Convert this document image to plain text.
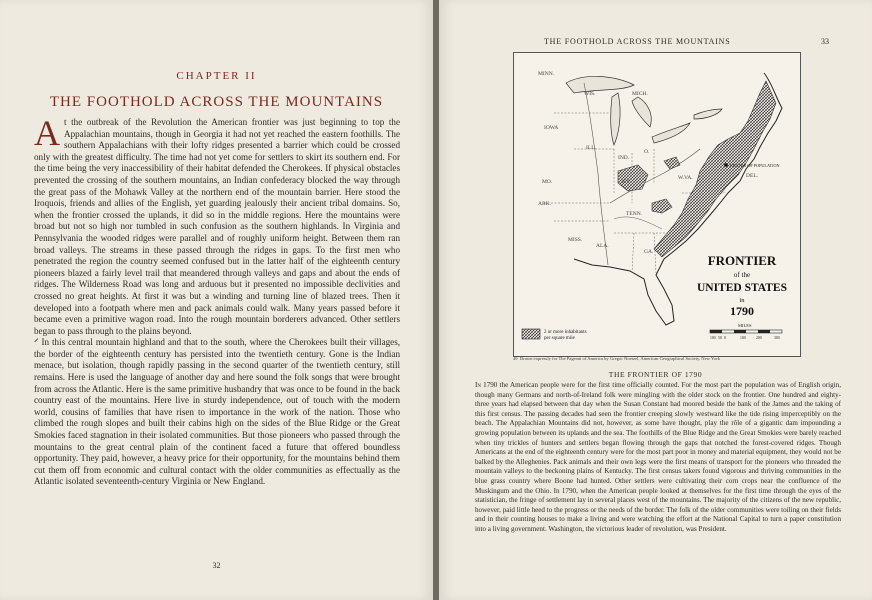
CHAPTER II
THE FOOTHOLD ACROSS THE MOUNTAINS

At the outbreak of the Revolution the American frontier was just beginning to top the Appalachian mountains, though in Georgia it had not yet reached the eastern foothills. The southern Appalachians with their lofty ridges presented a barrier which could be crossed only with the greatest difficulty. The time had not yet come for settlers to skirt its southern end. For the time being the very inaccessibility of their habitat defended the Cherokees. If physical obstacles prevented the crossing of the southern mountains, an Indian confederacy blocked the way through the great pass of the Mohawk Valley at the northern end of the mountain barrier. Here stood the Iroquois, friends and allies of the English, yet guarding jealously their ancient tribal domains. So, when the frontier crossed the uplands, it did so in the middle regions. Here the mountains were broad but not so high nor tumbled in such confusion as the southern highlands. In Virginia and Pennsylvania the wooded ridges were parallel and of roughly uniform height. Between them ran broad valleys. The streams in these passed through the ridges in gaps. To the first men who penetrated the region the country seemed confused but in the latter half of the eighteenth century pioneers blazed a fairly level trail that meandered through valleys and gaps and about the ends of ridges. The Wilderness Road was long and arduous but it presented no impossible declivities and crossed no great heights. At first it was but a winding and turning line of blazed trees. Then it developed into a footpath where men and pack animals could walk. Many years passed before it became even a primitive wagon road. Into the rough mountain borderers advanced. Other settlers began to pass through to the plains beyond.

⸍ In this central mountain highland and that to the south, where the Cherokees built their villages, the border of the eighteenth century has persisted into the twentieth century. Gone is the Indian menace, but isolation, though rapidly passing in the second quarter of the twentieth century, still remains. Here is used the language of another day and here sound the folk songs that were brought from across the Atlantic. Here is the same primitive husbandry that was once to be found in the back country east of the mountains. Here live in sturdy independence, out of touch with the modern world, cousins of families that have risen to importance in the work of the nation. Those who climbed the rough slopes and built their cabins high on the sides of the Blue Ridge or the Great Smokies faced stagnation in their isolated communities. But those pioneers who passed through the mountains to the great central plain of the continent faced a future that offered boundless opportunity. They paid, however, a heavy price for their opportunity, for the mountains behind them cut them off from economic and cultural contact with the older communities as effectually as the Atlantic isolated seventeenth-century Virginia or New England.

32
THE FOOTHOLD ACROSS THE MOUNTAINS	33
CENTER OF POPULATION
MINN.
WIS.	MICH.
IOWA
ILL.
IND.
O.
MO.	KY.
W.VA.	DEL.
ARK.
TENN.
MISS.
ALA.
GA.
FRONTIER
of the
UNITED STATES
in
1790
2 or more inhabitants
per square mile
MILES
100 50 0	100	200	300
49 Drawn expressly for The Pageant of America by Gregor Noetzel, American Geographical Society, New York
THE FRONTIER OF 1790

In 1790 the American people were for the first time officially counted. For the most part the population was of English origin, though many Germans and north-of-Ireland folk were mingling with the older stock on the frontier. One hundred and eighty-three years had elapsed between that day when the Susan Constant had moored beside the bank of the James and the taking of this first census. The passing decades had seen the frontier creeping slowly westward like the tide rising imperceptibly on the beach. The Appalachian Mountains did not, however, as some have thought, play the rôle of a gigantic dam impounding a growing population between its uplands and the sea. The foothills of the Blue Ridge and the Great Smokies were barely reached when tiny trickles of hunters and settlers began flowing through the gaps that notched the forest-covered ridges. Though Americans at the end of the eighteenth century were for the most part poor in money and material equipment, they would not be balked by the Alleghenies. Pack animals and their own legs were the first means of transport for the pioneers who threaded the mountain valleys to the beckoning plains of Kentucky. The first census takers found vigorous and thriving communities in the blue grass country where Boone had hunted. Other settlers were cultivating their corn crops near the confluence of the Muskingum and the Ohio. In 1790, when the American people looked at themselves for the first time through the eyes of the statistician, the fringe of settlement lay in several places west of the mountains. The majority of the citizens of the new republic, however, paid little heed to the progress or the needs of the border. The folk of the older communities were toiling on their fields and in their counting houses to make a living and were watching the effort at the National Capital to turn a paper constitution into a living government. Washington, the victorious leader of revolution, was President.
